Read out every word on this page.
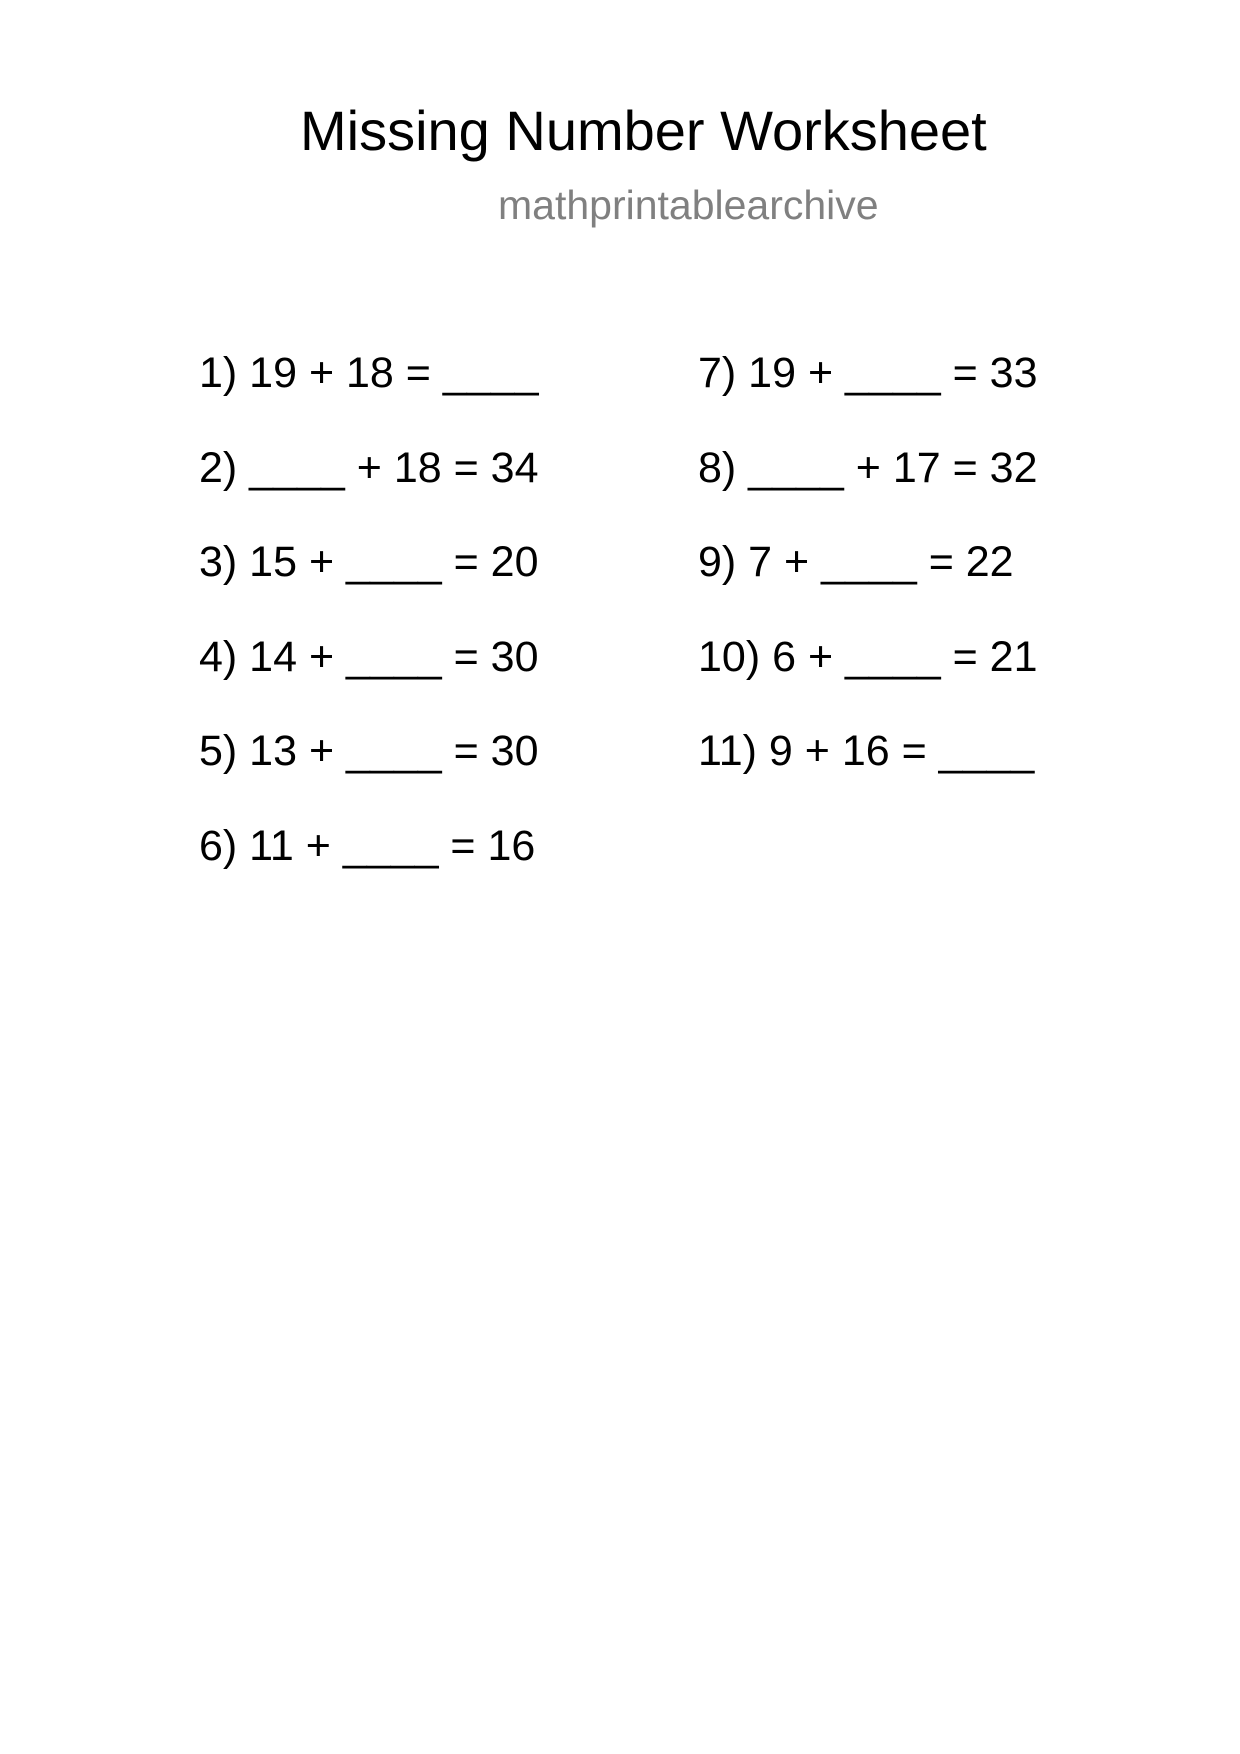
Missing Number Worksheet
mathprintablearchive
1) 19 + 18 = ____
2) ____ + 18 = 34
3) 15 + ____ = 20
4) 14 + ____ = 30
5) 13 + ____ = 30
6) 11 + ____ = 16
7) 19 + ____ = 33
8) ____ + 17 = 32
9) 7 + ____ = 22
10) 6 + ____ = 21
11) 9 + 16 = ____
